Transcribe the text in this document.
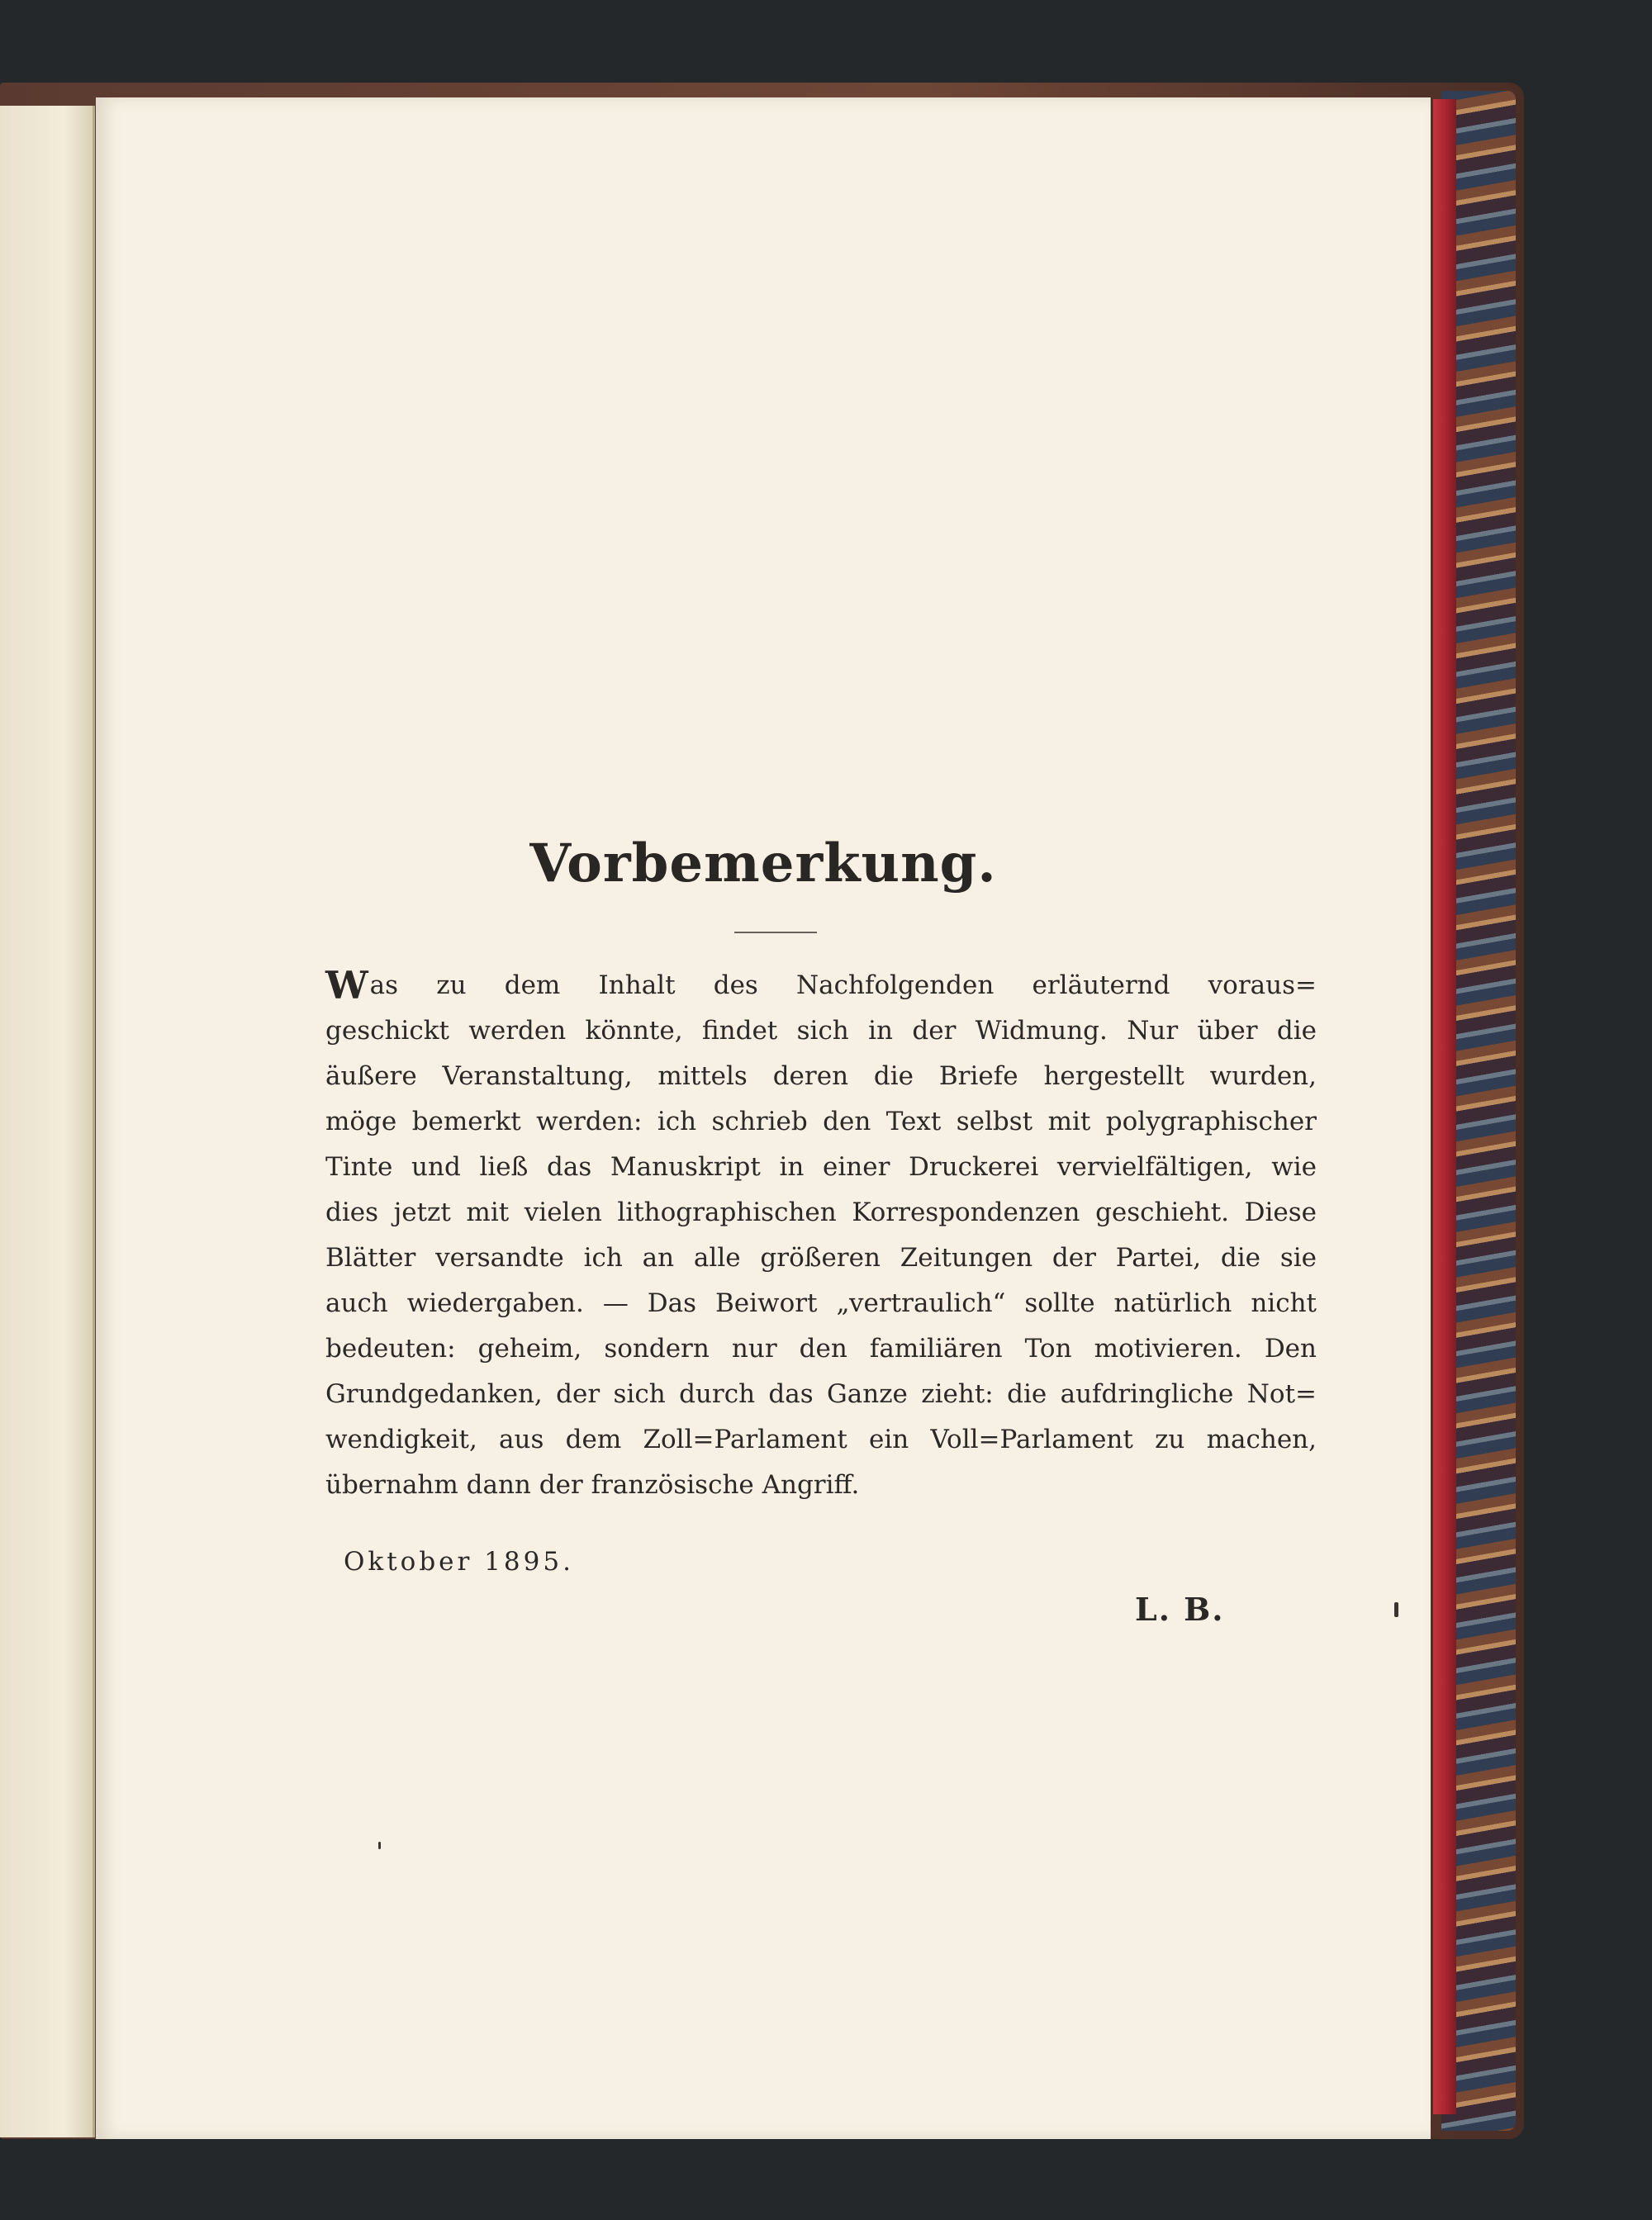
Vorbemerkung.
Was zu dem Inhalt des Nachfolgenden erläuternd voraus=
geschickt werden könnte, findet sich in der Widmung. Nur über die
äußere Veranstaltung, mittels deren die Briefe hergestellt wurden,
möge bemerkt werden: ich schrieb den Text selbst mit polygraphischer
Tinte und ließ das Manuskript in einer Druckerei vervielfältigen, wie
dies jetzt mit vielen lithographischen Korrespondenzen geschieht. Diese
Blätter versandte ich an alle größeren Zeitungen der Partei, die sie
auch wiedergaben. — Das Beiwort „vertraulich“ sollte natürlich nicht
bedeuten: geheim, sondern nur den familiären Ton motivieren. Den
Grundgedanken, der sich durch das Ganze zieht: die aufdringliche Not=
wendigkeit, aus dem Zoll=Parlament ein Voll=Parlament zu machen,
übernahm dann der französische Angriff.
Oktober 1895.
L. B.
